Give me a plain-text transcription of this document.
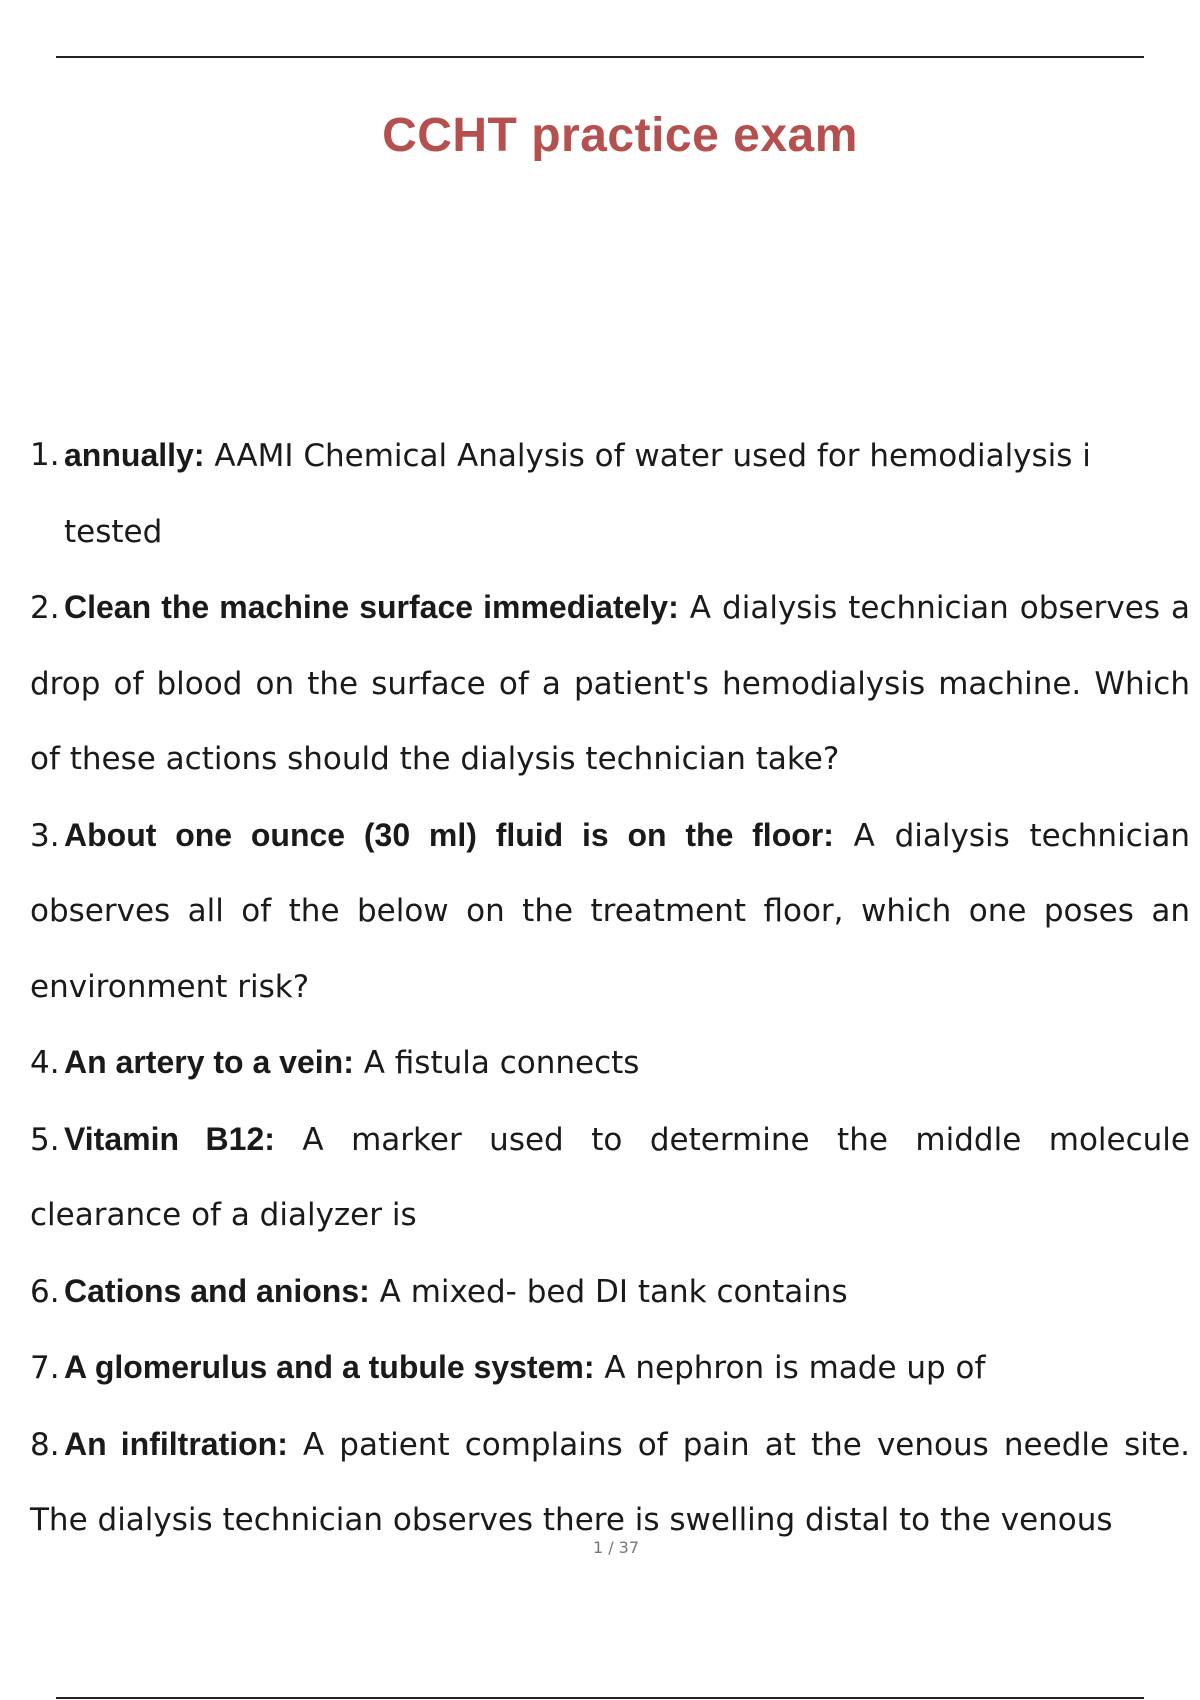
CCHT practice exam
1. annually: AAMI Chemical Analysis of water used for hemodialysis i
tested
2. Clean the machine surface immediately: A dialysis technician observes a drop of blood on the surface of a patient's hemodialysis machine. Which of these actions should the dialysis technician take?
3. About one ounce (30 ml) fluid is on the floor: A dialysis technician observes all of the below on the treatment floor, which one poses an environment risk?
4. An artery to a vein: A fistula connects
5. Vitamin B12: A marker used to determine the middle molecule clearance of a dialyzer is
6. Cations and anions: A mixed- bed DI tank contains
7. A glomerulus and a tubule system: A nephron is made up of
8. An infiltration: A patient complains of pain at the venous needle site. The dialysis technician observes there is swelling distal to the venous
1 / 37
